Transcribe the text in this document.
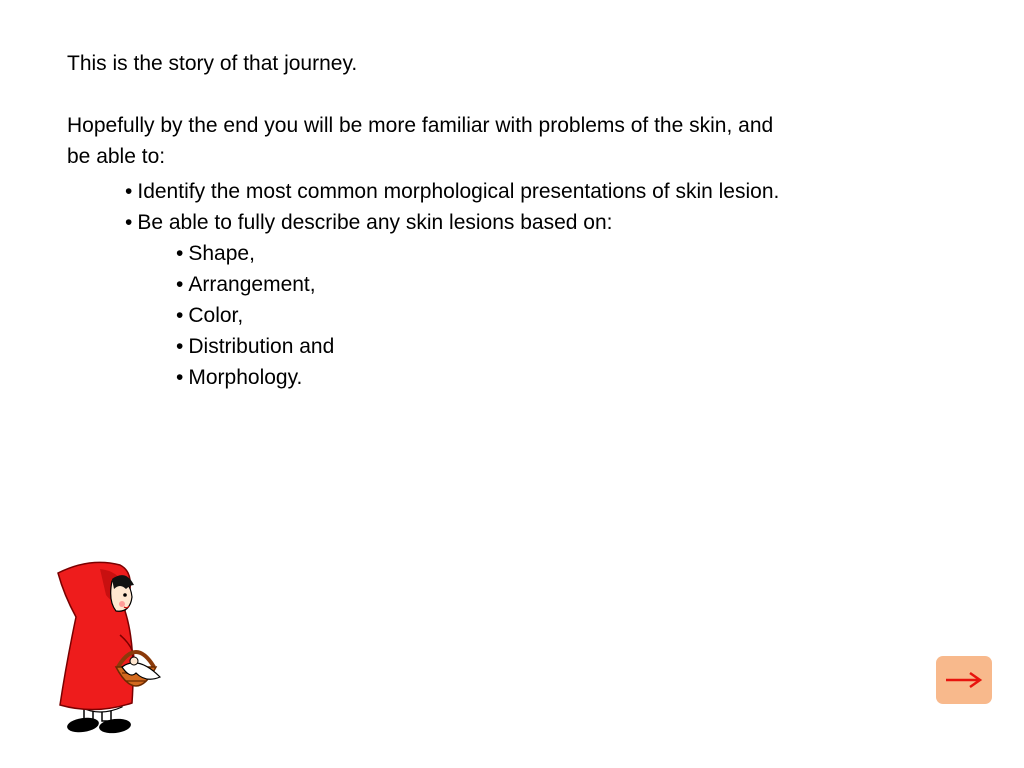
This is the story of that journey.
Hopefully by the end you will be more familiar with problems of the skin, and
be able to:
• Identify the most common morphological presentations of skin lesion.
• Be able to fully describe any skin lesions based on:
• Shape,
• Arrangement,
• Color,
• Distribution and
• Morphology.
